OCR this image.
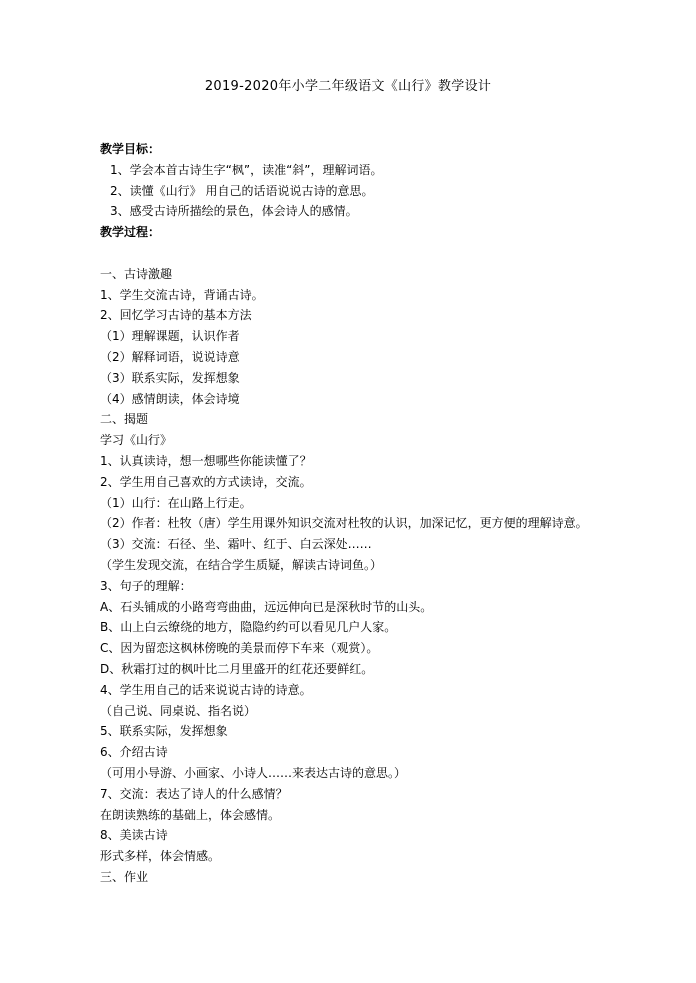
2019-2020年小学二年级语文《山行》教学设计
教学目标：
1、学会本首古诗生字“枫”，读准“斜”，理解词语。
2、读懂《山行》 用自己的话语说说古诗的意思。
3、感受古诗所描绘的景色，体会诗人的感情。
教学过程：
一、古诗激趣
1、学生交流古诗，背诵古诗。
2、回忆学习古诗的基本方法
（1）理解课题，认识作者
（2）解释词语，说说诗意
（3）联系实际，发挥想象
（4）感情朗读，体会诗境
二、揭题
学习《山行》
1、认真读诗，想一想哪些你能读懂了？
2、学生用自己喜欢的方式读诗，交流。
（1）山行：在山路上行走。
（2）作者：杜牧（唐）学生用课外知识交流对杜牧的认识，加深记忆，更方便的理解诗意。
（3）交流：石径、坐、霜叶、红于、白云深处……
（学生发现交流，在结合学生质疑，解读古诗词鱼。）
3、句子的理解：
A、石头铺成的小路弯弯曲曲，远远伸向已是深秋时节的山头。
B、山上白云缭绕的地方，隐隐约约可以看见几户人家。
C、因为留恋这枫林傍晚的美景而停下车来（观赏）。
D、秋霜打过的枫叶比二月里盛开的红花还要鲜红。
4、学生用自己的话来说说古诗的诗意。
（自己说、同桌说、指名说）
5、联系实际，发挥想象
6、介绍古诗
（可用小导游、小画家、小诗人……来表达古诗的意思。）
7、交流：表达了诗人的什么感情？
在朗读熟练的基础上，体会感情。
8、美读古诗
形式多样，体会情感。
三、作业
